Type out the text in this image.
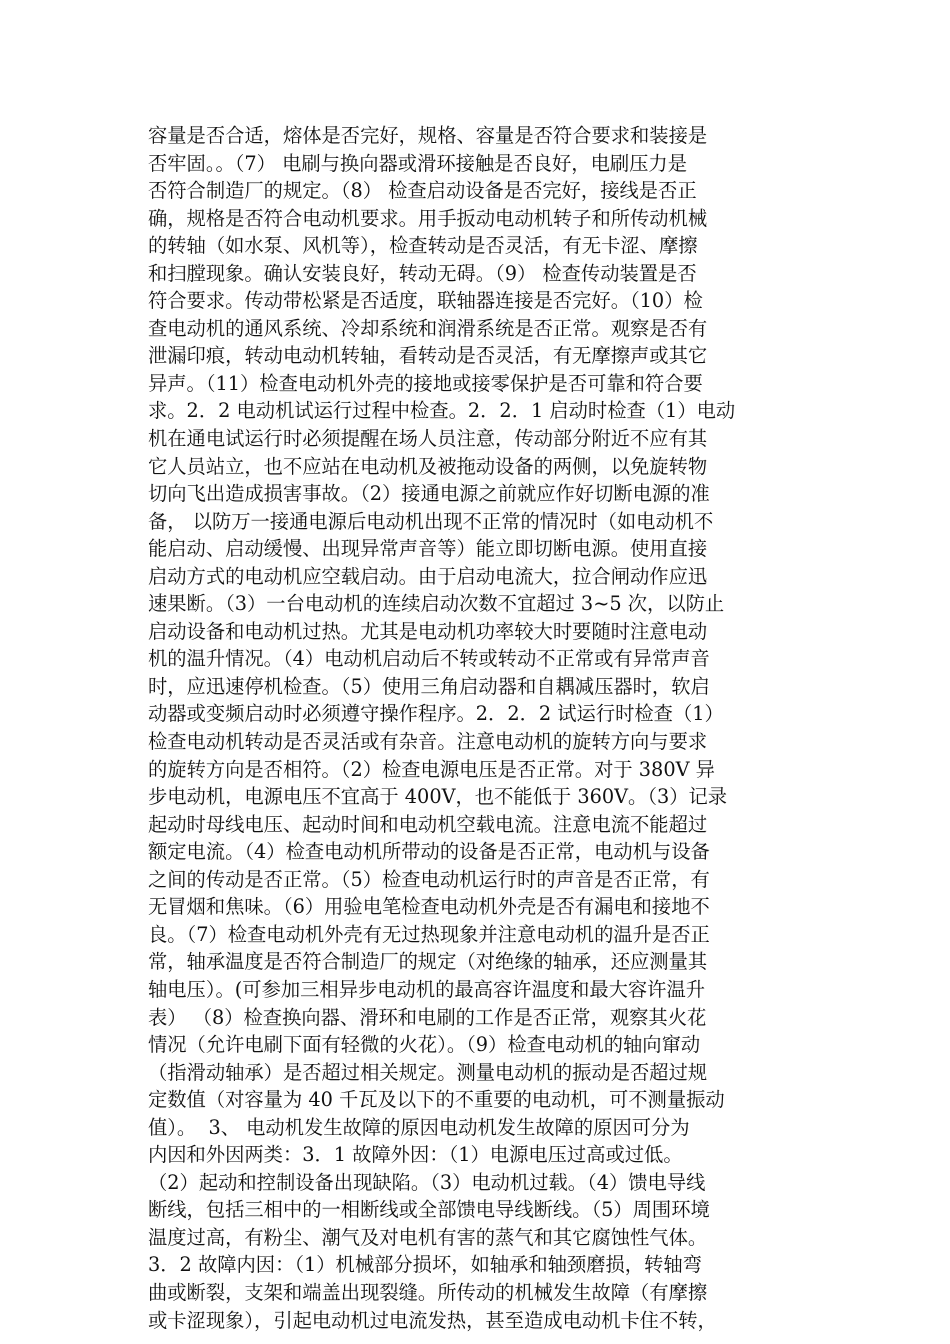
容量是否合适，熔体是否完好，规格、容量是否符合要求和装接是
否牢固。。（7） 电刷与换向器或滑环接触是否良好，电刷压力是
否符合制造厂的规定。（8） 检查启动设备是否完好，接线是否正
确，规格是否符合电动机要求。用手扳动电动机转子和所传动机械
的转轴（如水泵、风机等），检查转动是否灵活，有无卡涩、摩擦
和扫膛现象。确认安装良好，转动无碍。（9） 检查传动装置是否
符合要求。传动带松紧是否适度，联轴器连接是否完好。（10）检
查电动机的通风系统、冷却系统和润滑系统是否正常。观察是否有
泄漏印痕，转动电动机转轴，看转动是否灵活，有无摩擦声或其它
异声。（11）检查电动机外壳的接地或接零保护是否可靠和符合要
求。2．2 电动机试运行过程中检查。2．2．1 启动时检查（1）电动
机在通电试运行时必须提醒在场人员注意，传动部分附近不应有其
它人员站立，也不应站在电动机及被拖动设备的两侧，以免旋转物
切向飞出造成损害事故。（2）接通电源之前就应作好切断电源的准
备， 以防万一接通电源后电动机出现不正常的情况时（如电动机不
能启动、启动缓慢、出现异常声音等）能立即切断电源。使用直接
启动方式的电动机应空载启动。由于启动电流大，拉合闸动作应迅
速果断。（3）一台电动机的连续启动次数不宜超过 3~5 次，以防止
启动设备和电动机过热。尤其是电动机功率较大时要随时注意电动
机的温升情况。（4）电动机启动后不转或转动不正常或有异常声音
时，应迅速停机检查。（5）使用三角启动器和自耦减压器时，软启
动器或变频启动时必须遵守操作程序。2．2．2 试运行时检查（1）
检查电动机转动是否灵活或有杂音。注意电动机的旋转方向与要求
的旋转方向是否相符。（2）检查电源电压是否正常。对于 380V 异
步电动机，电源电压不宜高于 400V，也不能低于 360V。（3）记录
起动时母线电压、起动时间和电动机空载电流。注意电流不能超过
额定电流。（4）检查电动机所带动的设备是否正常，电动机与设备
之间的传动是否正常。（5）检查电动机运行时的声音是否正常，有
无冒烟和焦味。（6）用验电笔检查电动机外壳是否有漏电和接地不
良。（7）检查电动机外壳有无过热现象并注意电动机的温升是否正
常，轴承温度是否符合制造厂的规定（对绝缘的轴承，还应测量其
轴电压）。(可参加三相异步电动机的最高容许温度和最大容许温升
表） （8）检查换向器、滑环和电刷的工作是否正常，观察其火花
情况（允许电刷下面有轻微的火花）。（9）检查电动机的轴向窜动
（指滑动轴承）是否超过相关规定。测量电动机的振动是否超过规
定数值（对容量为 40 千瓦及以下的不重要的电动机，可不测量振动
值）。  3、 电动机发生故障的原因电动机发生故障的原因可分为
内因和外因两类：3．1 故障外因：（1）电源电压过高或过低。
（2）起动和控制设备出现缺陷。（3）电动机过载。（4）馈电导线
断线，包括三相中的一相断线或全部馈电导线断线。（5）周围环境
温度过高，有粉尘、潮气及对电机有害的蒸气和其它腐蚀性气体。
3．2 故障内因：（1）机械部分损坏，如轴承和轴颈磨损，转轴弯
曲或断裂，支架和端盖出现裂缝。所传动的机械发生故障（有摩擦
或卡涩现象），引起电动机过电流发热，甚至造成电动机卡住不转，
